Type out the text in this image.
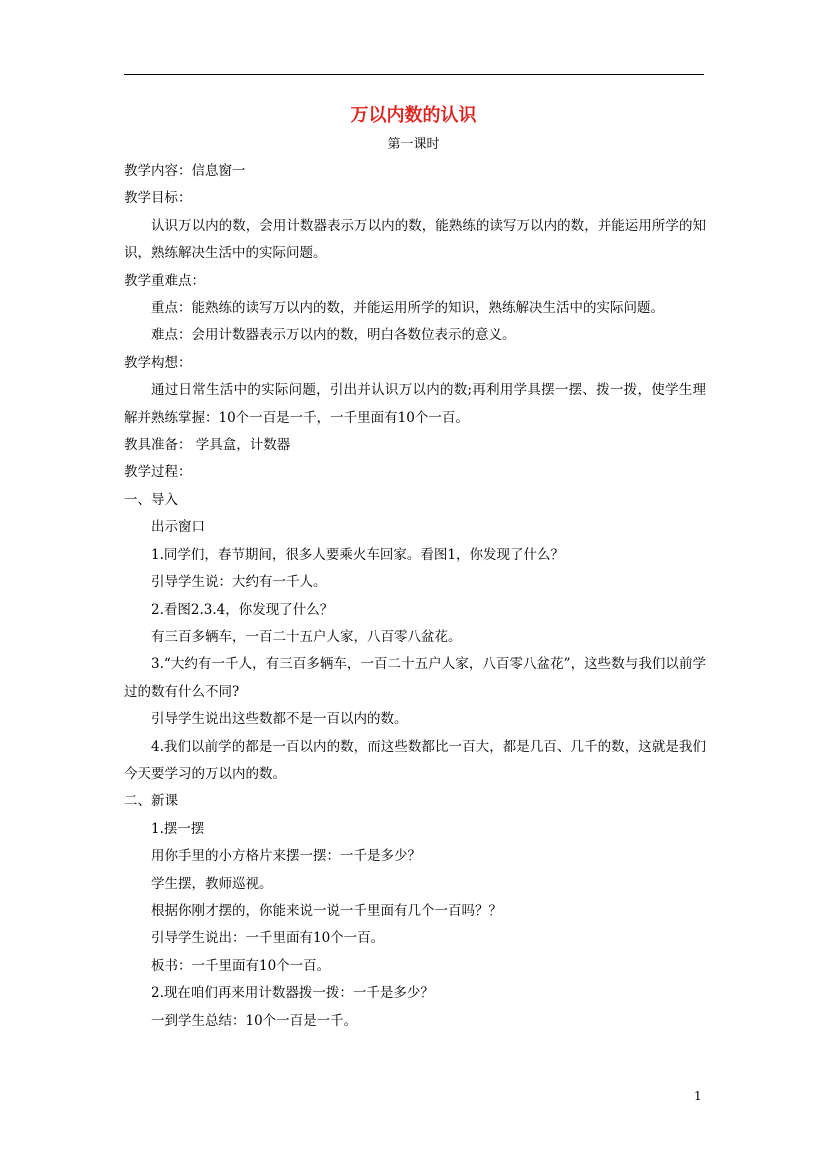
万以内数的认识
第一课时

教学内容：信息窗一

教学目标：

认识万以内的数，会用计数器表示万以内的数，能熟练的读写万以内的数，并能运用所学的知识，熟练解决生活中的实际问题。

教学重难点：

重点：能熟练的读写万以内的数，并能运用所学的知识，熟练解决生活中的实际问题。

难点：会用计数器表示万以内的数，明白各数位表示的意义。

教学构想：

通过日常生活中的实际问题，引出并认识万以内的数;再利用学具摆一摆、拨一拨，使学生理解并熟练掌握：10个一百是一千，一千里面有10个一百。

教具准备： 学具盒，计数器

教学过程：

一、导入

出示窗口

1.同学们，春节期间，很多人要乘火车回家。看图1，你发现了什么？

引导学生说：大约有一千人。

2.看图2.3.4，你发现了什么？

有三百多辆车，一百二十五户人家，八百零八盆花。

3.“大约有一千人，有三百多辆车，一百二十五户人家，八百零八盆花”，这些数与我们以前学过的数有什么不同?

引导学生说出这些数都不是一百以内的数。

4.我们以前学的都是一百以内的数，而这些数都比一百大，都是几百、几千的数，这就是我们今天要学习的万以内的数。

二、新课

1.摆一摆

用你手里的小方格片来摆一摆：一千是多少？

学生摆，教师巡视。

根据你刚才摆的，你能来说一说一千里面有几个一百吗？？

引导学生说出：一千里面有10个一百。

板书：一千里面有10个一百。

2.现在咱们再来用计数器拨一拨：一千是多少？

一到学生总结：10个一百是一千。

1
